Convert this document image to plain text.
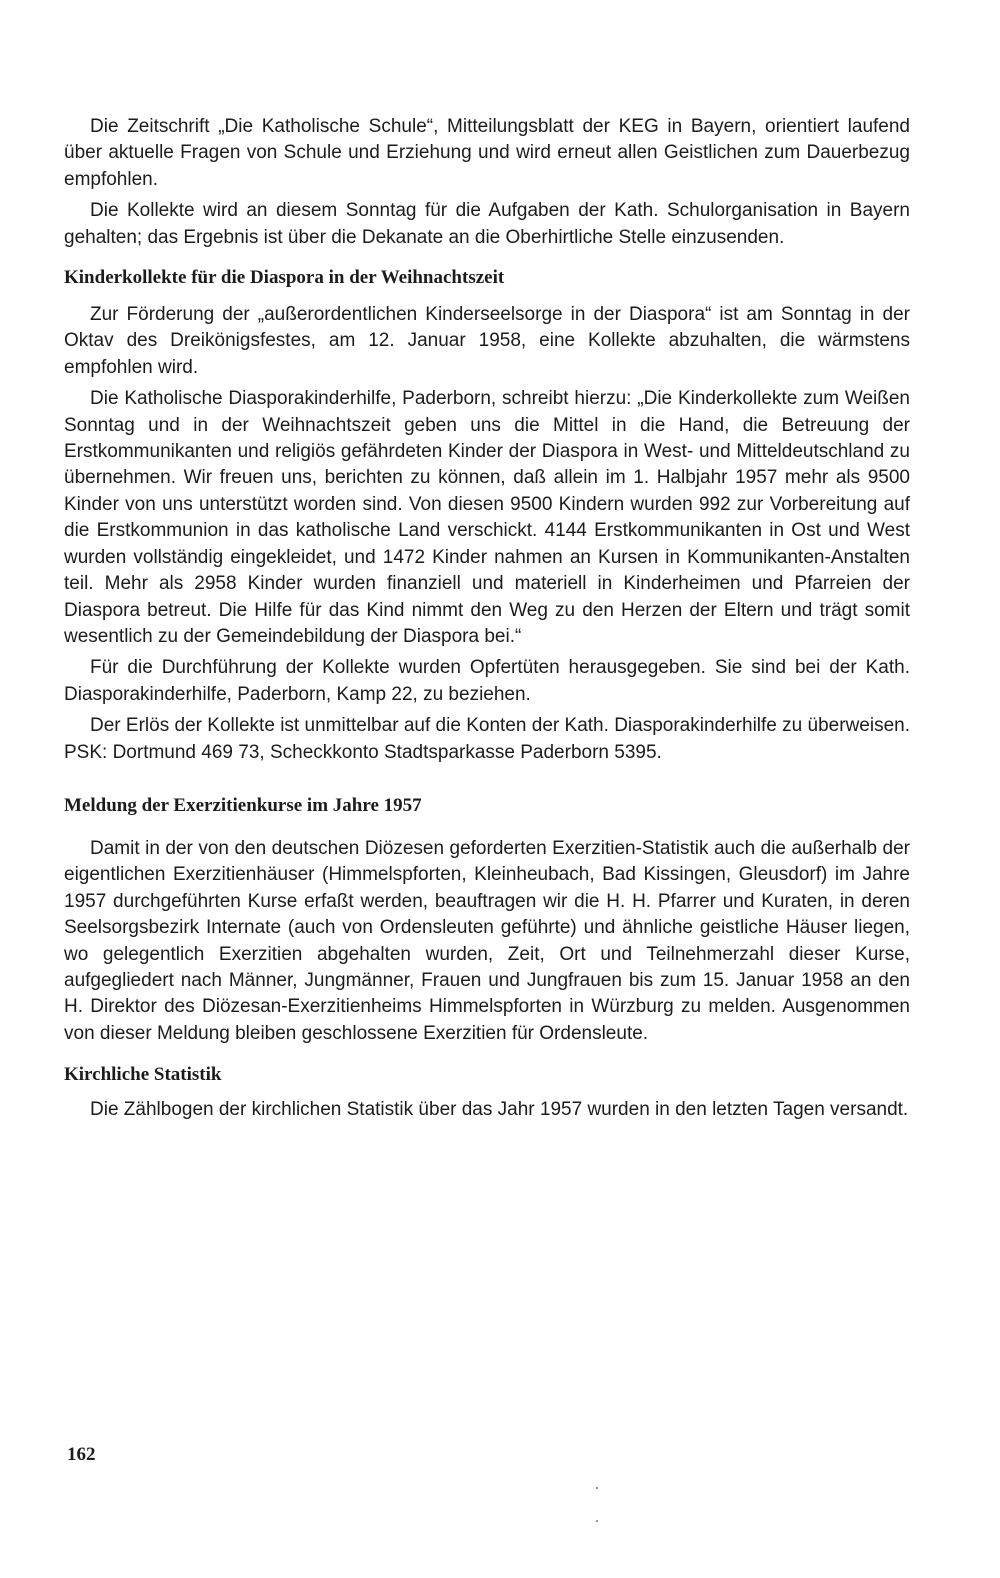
Die Zeitschrift „Die Katholische Schule“, Mitteilungsblatt der KEG in Bayern, orientiert laufend über aktuelle Fragen von Schule und Erziehung und wird erneut allen Geistlichen zum Dauerbezug empfohlen.

Die Kollekte wird an diesem Sonntag für die Aufgaben der Kath. Schulorganisation in Bayern gehalten; das Ergebnis ist über die Dekanate an die Oberhirtliche Stelle einzusenden.

Kinderkollekte für die Diaspora in der Weihnachtszeit

Zur Förderung der „außerordentlichen Kinderseelsorge in der Diaspora“ ist am Sonntag in der Oktav des Dreikönigsfestes, am 12. Januar 1958, eine Kollekte abzuhalten, die wärmstens empfohlen wird.

Die Katholische Diasporakinderhilfe, Paderborn, schreibt hierzu: „Die Kinderkollekte zum Weißen Sonntag und in der Weihnachtszeit geben uns die Mittel in die Hand, die Betreuung der Erstkommunikanten und religiös gefährdeten Kinder der Diaspora in West- und Mitteldeutschland zu übernehmen. Wir freuen uns, berichten zu können, daß allein im 1. Halbjahr 1957 mehr als 9500 Kinder von uns unterstützt worden sind. Von diesen 9500 Kindern wurden 992 zur Vorbereitung auf die Erstkommunion in das katholische Land verschickt. 4144 Erstkommunikanten in Ost und West wurden vollständig eingekleidet, und 1472 Kinder nahmen an Kursen in Kommunikanten-Anstalten teil. Mehr als 2958 Kinder wurden finanziell und materiell in Kinderheimen und Pfarreien der Diaspora betreut. Die Hilfe für das Kind nimmt den Weg zu den Herzen der Eltern und trägt somit wesentlich zu der Gemeindebildung der Diaspora bei.“

Für die Durchführung der Kollekte wurden Opfertüten herausgegeben. Sie sind bei der Kath. Diasporakinderhilfe, Paderborn, Kamp 22, zu beziehen.

Der Erlös der Kollekte ist unmittelbar auf die Konten der Kath. Diasporakinderhilfe zu überweisen. PSK: Dortmund 469 73, Scheckkonto Stadtsparkasse Paderborn 5395.

Meldung der Exerzitienkurse im Jahre 1957

Damit in der von den deutschen Diözesen geforderten Exerzitien-Statistik auch die außerhalb der eigentlichen Exerzitienhäuser (Himmelspforten, Kleinheubach, Bad Kissingen, Gleusdorf) im Jahre 1957 durchgeführten Kurse erfaßt werden, beauftragen wir die H. H. Pfarrer und Kuraten, in deren Seelsorgsbezirk Internate (auch von Ordensleuten geführte) und ähnliche geistliche Häuser liegen, wo gelegentlich Exerzitien abgehalten wurden, Zeit, Ort und Teilnehmerzahl dieser Kurse, aufgegliedert nach Männer, Jungmänner, Frauen und Jungfrauen bis zum 15. Januar 1958 an den H. Direktor des Diözesan-Exerzitienheims Himmelspforten in Würzburg zu melden. Ausgenommen von dieser Meldung bleiben geschlossene Exerzitien für Ordensleute.

Kirchliche Statistik

Die Zählbogen der kirchlichen Statistik über das Jahr 1957 wurden in den letzten Tagen versandt.

162
